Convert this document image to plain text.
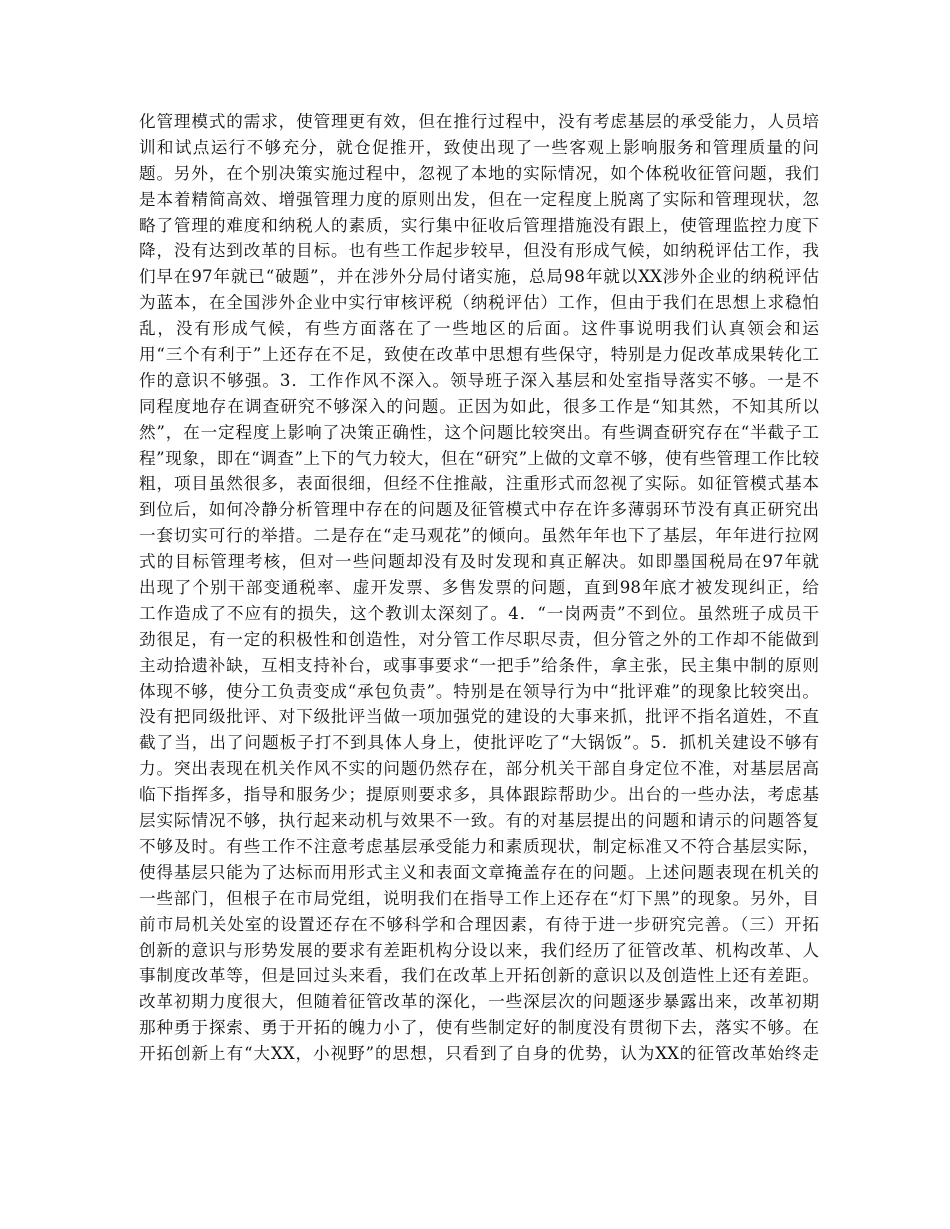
化管理模式的需求，使管理更有效，但在推行过程中，没有考虑基层的承受能力，人员培
训和试点运行不够充分，就仓促推开，致使出现了一些客观上影响服务和管理质量的问
题。另外，在个别决策实施过程中，忽视了本地的实际情况，如个体税收征管问题，我们
是本着精简高效、增强管理力度的原则出发，但在一定程度上脱离了实际和管理现状，忽
略了管理的难度和纳税人的素质，实行集中征收后管理措施没有跟上，使管理监控力度下
降，没有达到改革的目标。也有些工作起步较早，但没有形成气候，如纳税评估工作，我
们早在97年就已“破题”，并在涉外分局付诸实施，总局98年就以XX涉外企业的纳税评估
为蓝本，在全国涉外企业中实行审核评税（纳税评估）工作，但由于我们在思想上求稳怕
乱，没有形成气候，有些方面落在了一些地区的后面。这件事说明我们认真领会和运
用“三个有利于”上还存在不足，致使在改革中思想有些保守，特别是力促改革成果转化工
作的意识不够强。3．工作作风不深入。领导班子深入基层和处室指导落实不够。一是不
同程度地存在调查研究不够深入的问题。正因为如此，很多工作是“知其然，不知其所以
然”，在一定程度上影响了决策正确性，这个问题比较突出。有些调查研究存在“半截子工
程”现象，即在“调查”上下的气力较大，但在“研究”上做的文章不够，使有些管理工作比较
粗，项目虽然很多，表面很细，但经不住推敲，注重形式而忽视了实际。如征管模式基本
到位后，如何冷静分析管理中存在的问题及征管模式中存在许多薄弱环节没有真正研究出
一套切实可行的举措。二是存在“走马观花”的倾向。虽然年年也下了基层，年年进行拉网
式的目标管理考核，但对一些问题却没有及时发现和真正解决。如即墨国税局在97年就
出现了个别干部变通税率、虚开发票、多售发票的问题，直到98年底才被发现纠正，给
工作造成了不应有的损失，这个教训太深刻了。4．“一岗两责”不到位。虽然班子成员干
劲很足，有一定的积极性和创造性，对分管工作尽职尽责，但分管之外的工作却不能做到
主动拾遗补缺，互相支持补台，或事事要求“一把手”给条件，拿主张，民主集中制的原则
体现不够，使分工负责变成“承包负责”。特别是在领导行为中“批评难”的现象比较突出。
没有把同级批评、对下级批评当做一项加强党的建设的大事来抓，批评不指名道姓，不直
截了当，出了问题板子打不到具体人身上，使批评吃了“大锅饭”。5．抓机关建设不够有
力。突出表现在机关作风不实的问题仍然存在，部分机关干部自身定位不准，对基层居高
临下指挥多，指导和服务少；提原则要求多，具体跟踪帮助少。出台的一些办法，考虑基
层实际情况不够，执行起来动机与效果不一致。有的对基层提出的问题和请示的问题答复
不够及时。有些工作不注意考虑基层承受能力和素质现状，制定标准又不符合基层实际，
使得基层只能为了达标而用形式主义和表面文章掩盖存在的问题。上述问题表现在机关的
一些部门，但根子在市局党组，说明我们在指导工作上还存在“灯下黑”的现象。另外，目
前市局机关处室的设置还存在不够科学和合理因素，有待于进一步研究完善。（三）开拓
创新的意识与形势发展的要求有差距机构分设以来，我们经历了征管改革、机构改革、人
事制度改革等，但是回过头来看，我们在改革上开拓创新的意识以及创造性上还有差距。
改革初期力度很大，但随着征管改革的深化，一些深层次的问题逐步暴露出来，改革初期
那种勇于探索、勇于开拓的魄力小了，使有些制定好的制度没有贯彻下去，落实不够。在
开拓创新上有“大XX，小视野”的思想，只看到了自身的优势，认为XX的征管改革始终走
